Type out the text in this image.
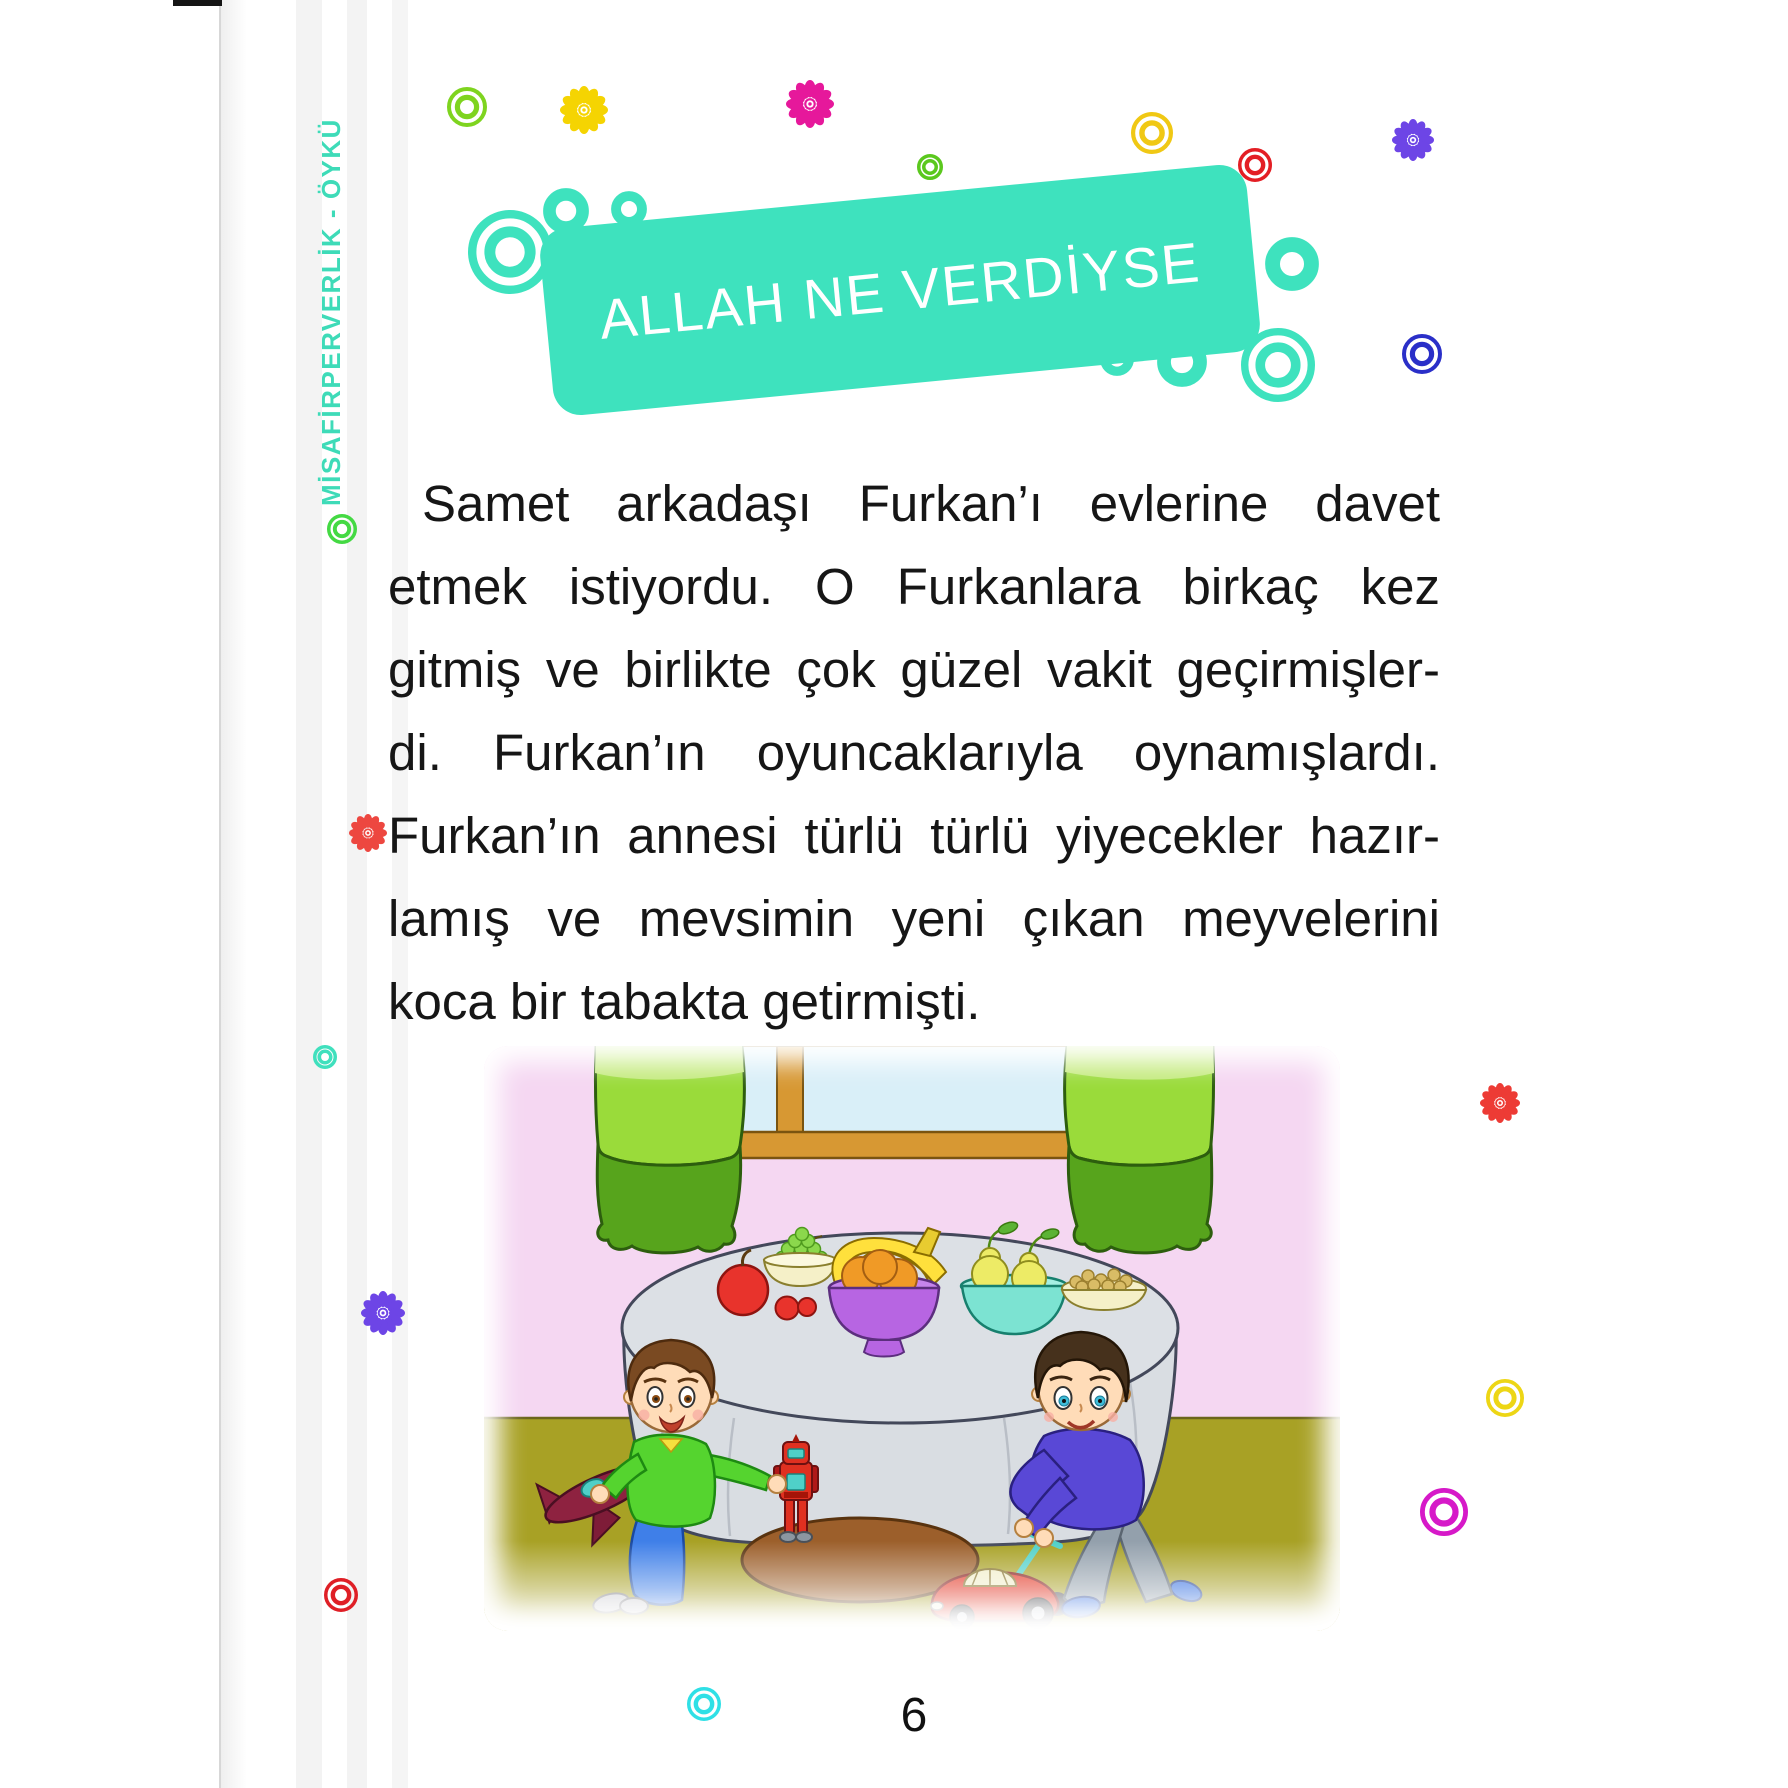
MİSAFİRPERVERLİK - ÖYKÜ	ALLAH NE VERDİYSE
Samet arkadaşı Furkan’ı evlerine davet
etmek istiyordu. O Furkanlara birkaç kez
gitmiş ve birlikte çok güzel vakit geçirmişler-
di. Furkan’ın oyuncaklarıyla oynamışlardı.
Furkan’ın annesi türlü türlü yiyecekler hazır-
lamış ve mevsimin yeni çıkan meyvelerini
koca bir tabakta getirmişti.
6
